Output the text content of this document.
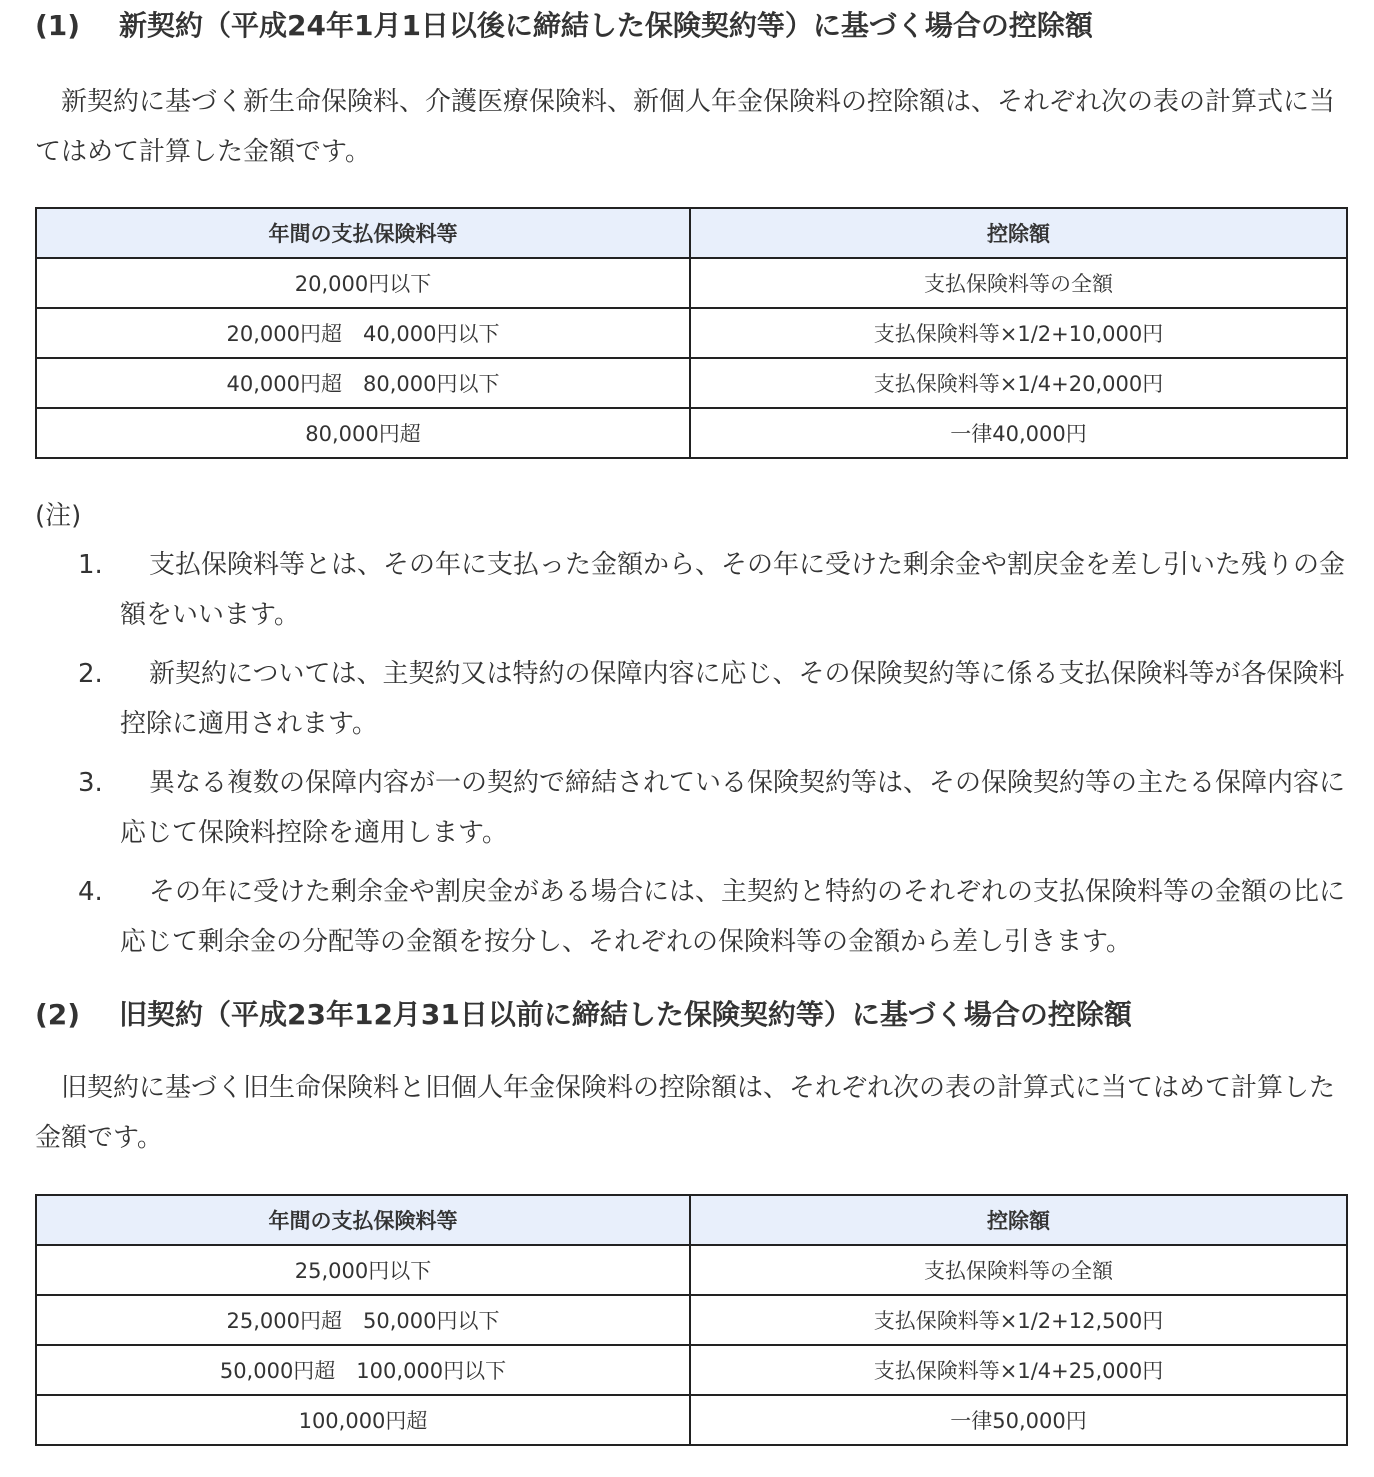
(1) 新契約（平成24年1月1日以後に締結した保険契約等）に基づく場合の控除額

新契約に基づく新生命保険料、介護医療保険料、新個人年金保険料の控除額は、それぞれ次の表の計算式に当てはめて計算した金額です。

年間の支払保険料等	控除額
20,000円以下	支払保険料等の全額
20,000円超　40,000円以下	支払保険料等×1/2+10,000円
40,000円超　80,000円以下	支払保険料等×1/4+20,000円
80,000円超	一律40,000円

(注)

1.	支払保険料等とは、その年に支払った金額から、その年に受けた剰余金や割戻金を差し引いた残りの金額をいいます。
2.	新契約については、主契約又は特約の保障内容に応じ、その保険契約等に係る支払保険料等が各保険料控除に適用されます。
3.	異なる複数の保障内容が一の契約で締結されている保険契約等は、その保険契約等の主たる保障内容に応じて保険料控除を適用します。
4.	その年に受けた剰余金や割戻金がある場合には、主契約と特約のそれぞれの支払保険料等の金額の比に応じて剰余金の分配等の金額を按分し、それぞれの保険料等の金額から差し引きます。
(2) 旧契約（平成23年12月31日以前に締結した保険契約等）に基づく場合の控除額

旧契約に基づく旧生命保険料と旧個人年金保険料の控除額は、それぞれ次の表の計算式に当てはめて計算した金額です。

年間の支払保険料等	控除額
25,000円以下	支払保険料等の全額
25,000円超　50,000円以下	支払保険料等×1/2+12,500円
50,000円超　100,000円以下	支払保険料等×1/4+25,000円
100,000円超	一律50,000円
